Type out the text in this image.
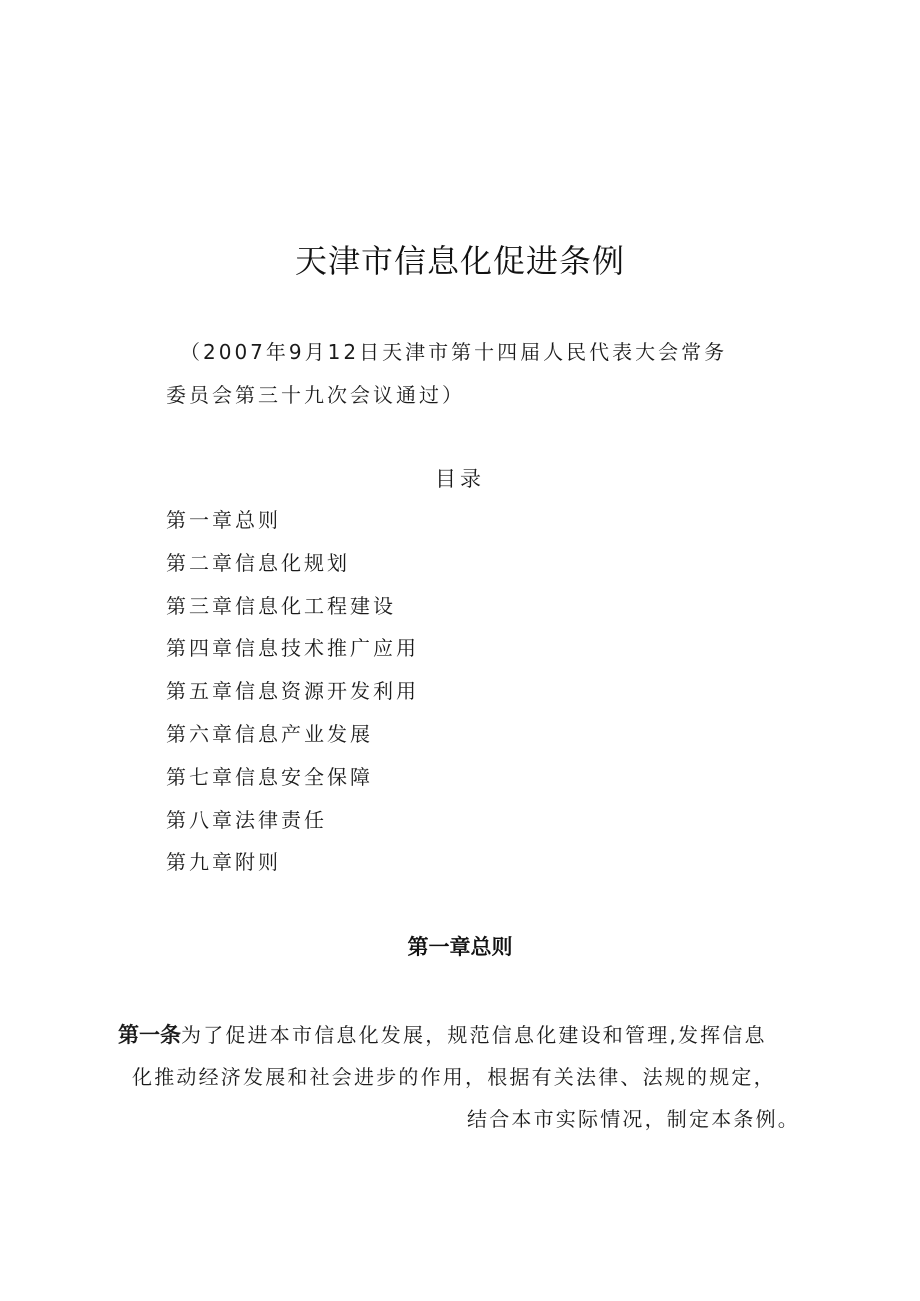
天津市信息化促进条例
（2007年9月12日天津市第十四届人民代表大会常务
委员会第三十九次会议通过）
目录
第一章总则
第二章信息化规划
第三章信息化工程建设
第四章信息技术推广应用
第五章信息资源开发利用
第六章信息产业发展
第七章信息安全保障
第八章法律责任
第九章附则
第一章总则
第一条为了促进本市信息化发展，规范信息化建设和管理,发挥信息
化推动经济发展和社会进步的作用，根据有关法律、法规的规定，
结合本市实际情况，制定本条例。
